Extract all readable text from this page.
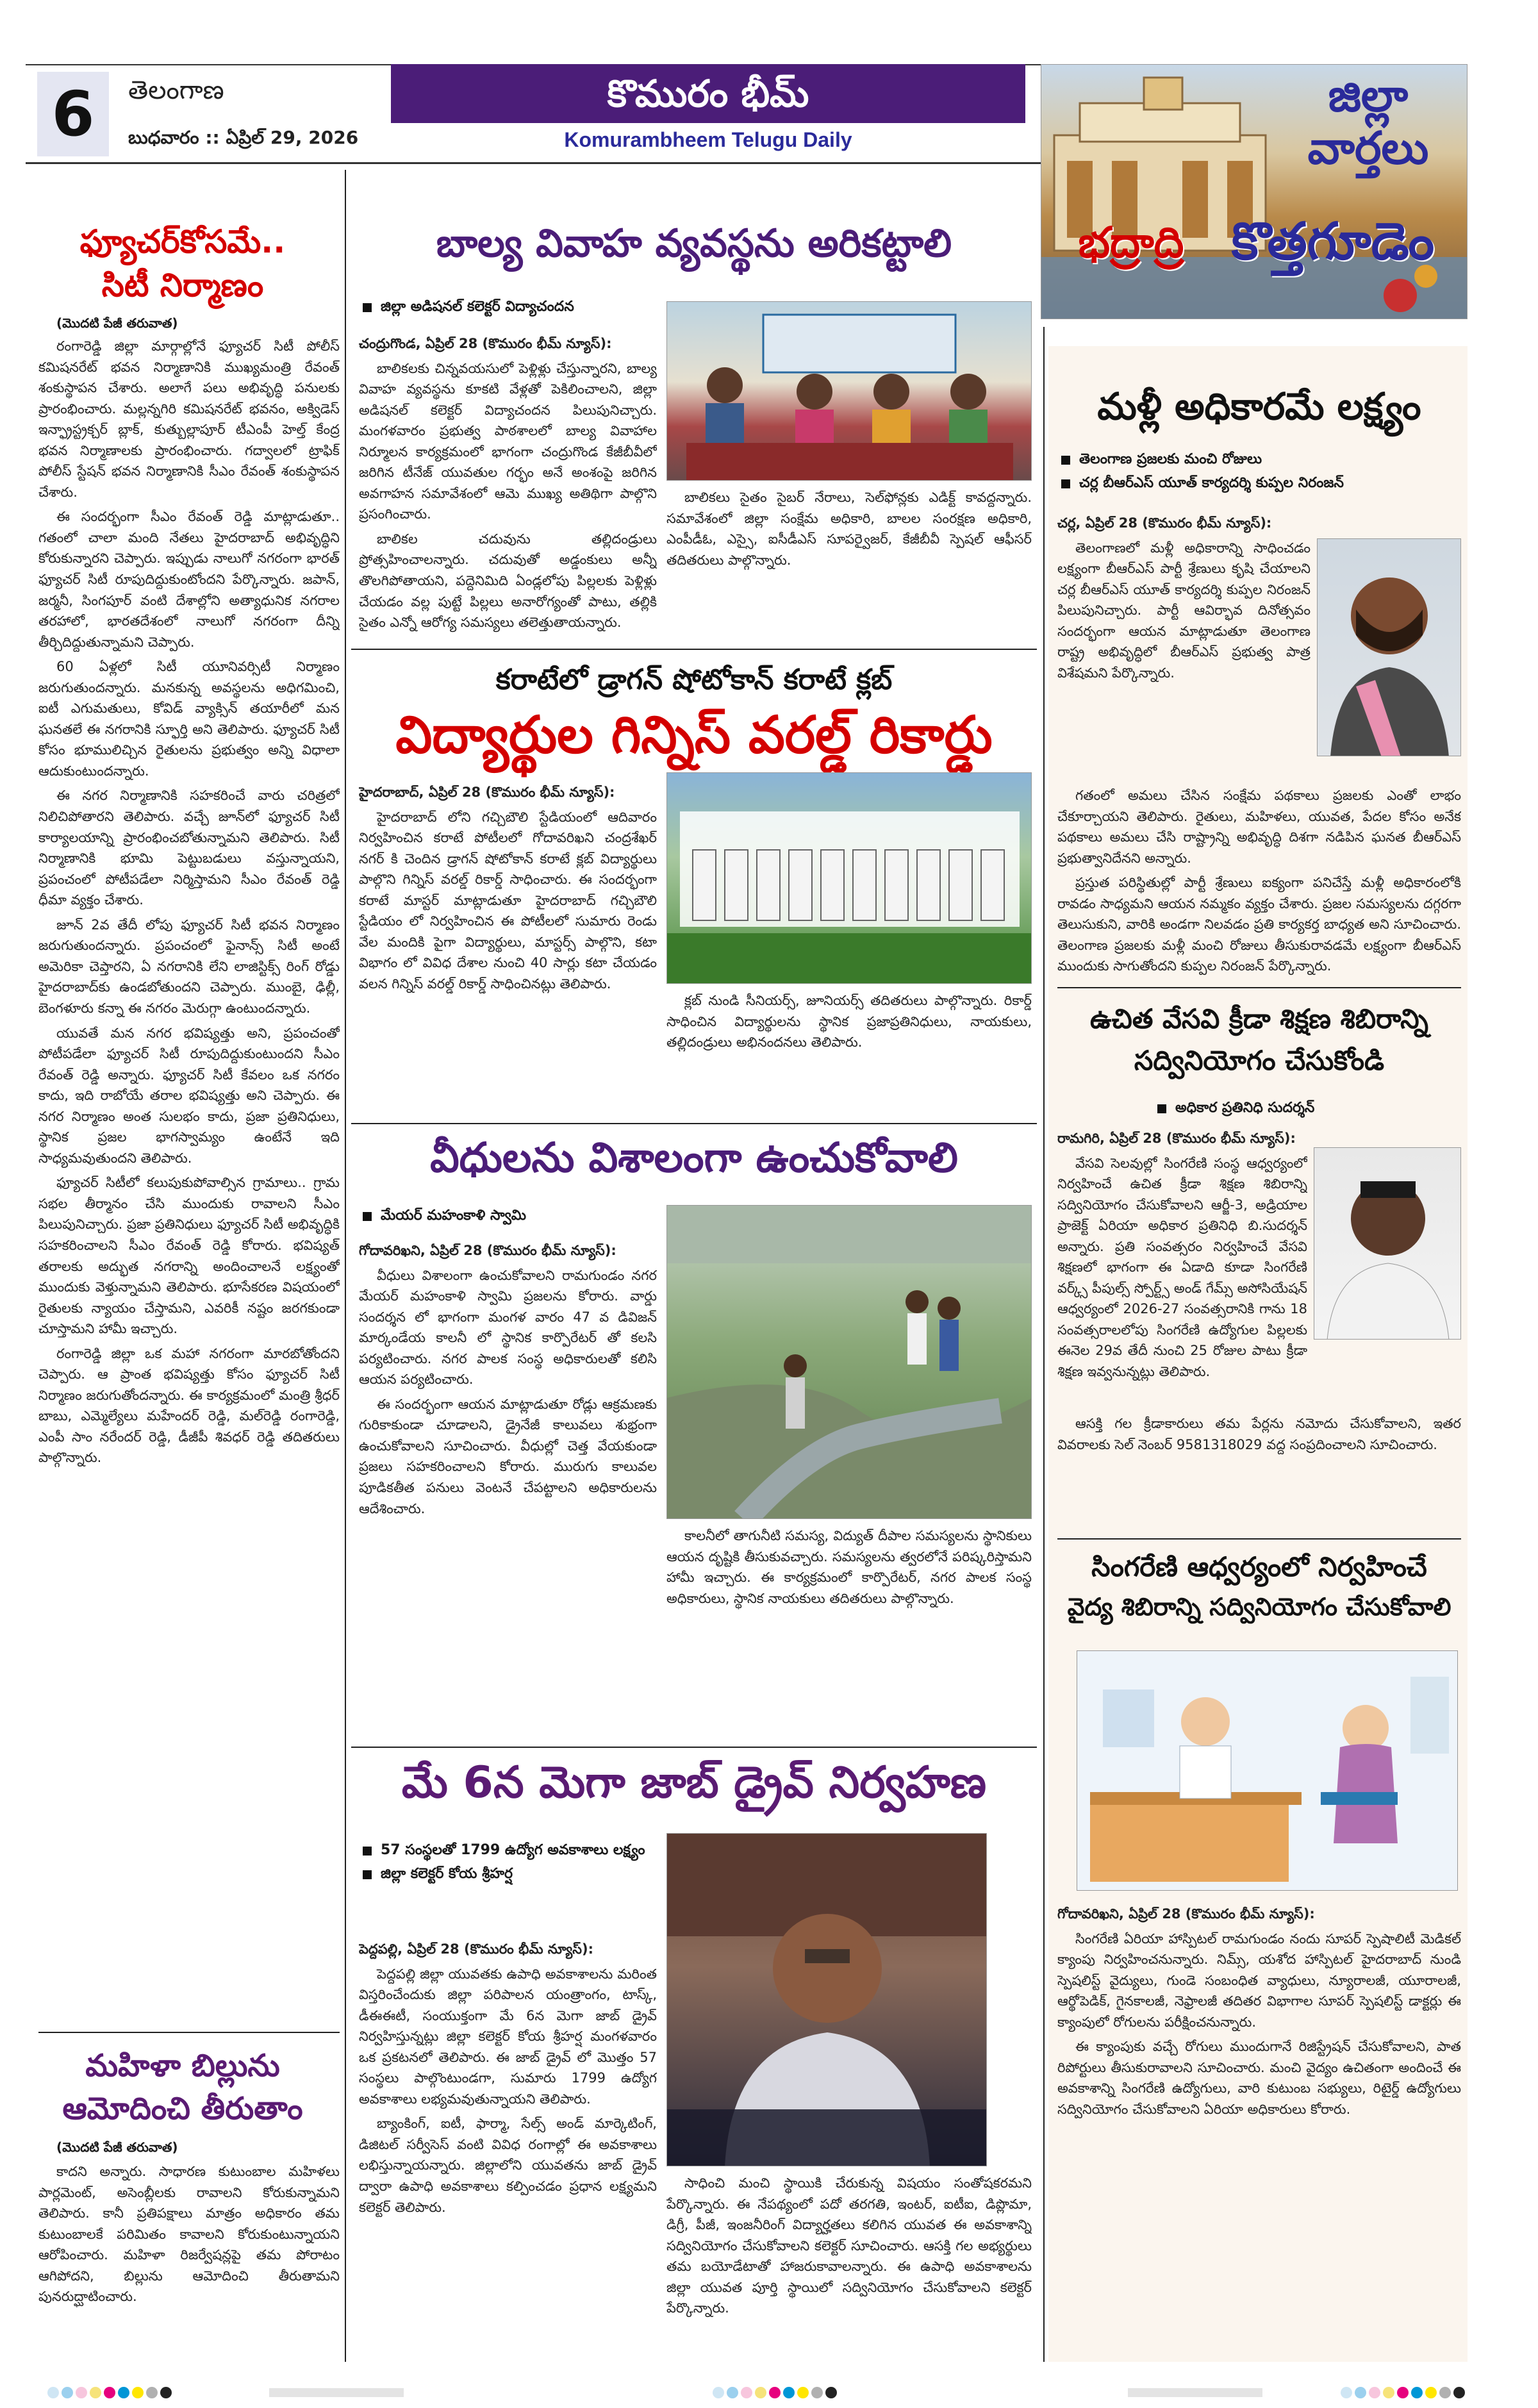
6	తెలంగాణ
బుధవారం :: ఏప్రిల్ 29, 2026
కొమురం భీమ్
Komurambheem Telugu Daily
జిల్లా
వార్తలు
భద్రాద్రి కొత్తగూడెం
ఫ్యూచర్‌కోసమే..
సిటీ నిర్మాణం
(మొదటి పేజీ తరువాత)

రంగారెడ్డి జిల్లా మార్గాల్లోనే ఫ్యూచర్ సిటీ పోలీస్ కమిషనరేట్ భవన నిర్మాణానికి ముఖ్యమంత్రి రేవంత్ శంకుస్థాపన చేశారు. అలాగే పలు అభివృద్ధి పనులకు ప్రారంభించారు. మల్లన్నగిరి కమిషనరేట్ భవనం, అక్విడెస్ ఇన్ఫ్రాస్ట్రక్చర్ బ్లాక్, కుత్బుల్లాపూర్ టీఎంపీ హెల్త్ కేంద్ర భవన నిర్మాణాలకు ప్రారంభించారు. గద్వాలలో ట్రాఫిక్ పోలీస్ స్టేషన్ భవన నిర్మాణానికి సీఎం రేవంత్ శంకుస్థాపన చేశారు.

ఈ సందర్భంగా సీఎం రేవంత్ రెడ్డి మాట్లాడుతూ.. గతంలో చాలా మంది నేతలు హైదరాబాద్ అభివృద్ధిని కోరుకున్నారని చెప్పారు. ఇప్పుడు నాలుగో నగరంగా భారత్ ఫ్యూచర్ సిటీ రూపుదిద్దుకుంటోందని పేర్కొన్నారు. జపాన్, జర్మనీ, సింగపూర్ వంటి దేశాల్లోని అత్యాధునిక నగరాల తరహాలో, భారతదేశంలో నాలుగో నగరంగా దీన్ని తీర్చిదిద్దుతున్నామని చెప్పారు.

60 ఏళ్లలో సిటీ యూనివర్సిటీ నిర్మాణం జరుగుతుందన్నారు. మనకున్న అవస్థలను అధిగమించి, ఐటీ ఎగుమతులు, కోవిడ్ వ్యాక్సిన్ తయారీలో మన ఘనతలే ఈ నగరానికి స్ఫూర్తి అని తెలిపారు. ఫ్యూచర్ సిటీ కోసం భూములిచ్చిన రైతులను ప్రభుత్వం అన్ని విధాలా ఆదుకుంటుందన్నారు.

ఈ నగర నిర్మాణానికి సహకరించే వారు చరిత్రలో నిలిచిపోతారని తెలిపారు. వచ్చే జూన్‌లో ఫ్యూచర్ సిటీ కార్యాలయాన్ని ప్రారంభించబోతున్నామని తెలిపారు. సిటీ నిర్మాణానికి భూమి పెట్టుబడులు వస్తున్నాయని, ప్రపంచంలో పోటీపడేలా నిర్మిస్తామని సీఎం రేవంత్ రెడ్డి ధీమా వ్యక్తం చేశారు.

జూన్ 2వ తేదీ లోపు ఫ్యూచర్ సిటీ భవన నిర్మాణం జరుగుతుందన్నారు. ప్రపంచంలో ఫైనాన్స్ సిటీ అంటే అమెరికా చెప్తారని, ఏ నగరానికి లేని లాజిస్టిక్స్ రింగ్ రోడ్డు హైదరాబాద్‌కు ఉండబోతుందని చెప్పారు. ముంబై, ఢిల్లీ, బెంగళూరు కన్నా ఈ నగరం మెరుగ్గా ఉంటుందన్నారు.

యువతే మన నగర భవిష్యత్తు అని, ప్రపంచంతో పోటీపడేలా ఫ్యూచర్ సిటీ రూపుదిద్దుకుంటుందని సీఎం రేవంత్ రెడ్డి అన్నారు. ఫ్యూచర్ సిటీ కేవలం ఒక నగరం కాదు, ఇది రాబోయే తరాల భవిష్యత్తు అని చెప్పారు. ఈ నగర నిర్మాణం అంత సులభం కాదు, ప్రజా ప్రతినిధులు, స్థానిక ప్రజల భాగస్వామ్యం ఉంటేనే ఇది సాధ్యమవుతుందని తెలిపారు.

ఫ్యూచర్ సిటీలో కలుపుకుపోవాల్సిన గ్రామాలు.. గ్రామ సభల తీర్మానం చేసి ముందుకు రావాలని సీఎం పిలుపునిచ్చారు. ప్రజా ప్రతినిధులు ఫ్యూచర్ సిటీ అభివృద్ధికి సహకరించాలని సీఎం రేవంత్ రెడ్డి కోరారు. భవిష్యత్ తరాలకు అద్భుత నగరాన్ని అందించాలనే లక్ష్యంతో ముందుకు వెళ్తున్నామని తెలిపారు. భూసేకరణ విషయంలో రైతులకు న్యాయం చేస్తామని, ఎవరికీ నష్టం జరగకుండా చూస్తామని హామీ ఇచ్చారు.

రంగారెడ్డి జిల్లా ఒక మహా నగరంగా మారబోతోందని చెప్పారు. ఆ ప్రాంత భవిష్యత్తు కోసం ఫ్యూచర్ సిటీ నిర్మాణం జరుగుతోందన్నారు. ఈ కార్యక్రమంలో మంత్రి శ్రీధర్ బాబు, ఎమ్మెల్యేలు మహేందర్ రెడ్డి, మల్‌రెడ్డి రంగారెడ్డి, ఎంపీ సాం నరేందర్ రెడ్డి, డీజీపీ శివధర్ రెడ్డి తదితరులు పాల్గొన్నారు.

మహిళా బిల్లును
ఆమోదించి తీరుతాం
(మొదటి పేజీ తరువాత)

కాదని అన్నారు. సాధారణ కుటుంబాల మహిళలు పార్లమెంట్, అసెంబ్లీలకు రావాలని కోరుకున్నామని తెలిపారు. కానీ ప్రతిపక్షాలు మాత్రం అధికారం తమ కుటుంబాలకే పరిమితం కావాలని కోరుకుంటున్నాయని ఆరోపించారు. మహిళా రిజర్వేషన్లపై తమ పోరాటం ఆగిపోదని, బిల్లును ఆమోదించి తీరుతామని పునరుద్ఘాటించారు.

బాల్య వివాహ వ్యవస్థను అరికట్టాలి
జిల్లా అడిషనల్ కలెక్టర్ విద్యాచందన

చంద్రుగొండ, ఏప్రిల్ 28 (కొమురం భీమ్ న్యూస్):

బాలికలకు చిన్నవయసులో పెళ్లిళ్లు చేస్తున్నారని, బాల్య వివాహ వ్యవస్థను కూకటి వేళ్లతో పెకిలించాలని, జిల్లా అడిషనల్ కలెక్టర్ విద్యాచందన పిలుపునిచ్చారు. మంగళవారం ప్రభుత్వ పాఠశాలలో బాల్య వివాహాల నిర్మూలన కార్యక్రమంలో భాగంగా చంద్రుగొండ కేజీబీవీలో జరిగిన టీనేజ్ యువతుల గర్భం అనే అంశంపై జరిగిన అవగాహన సమావేశంలో ఆమె ముఖ్య అతిథిగా పాల్గొని ప్రసంగించారు.

బాలికల చదువును తల్లిదండ్రులు ప్రోత్సహించాలన్నారు. చదువుతో అడ్డంకులు అన్నీ తొలగిపోతాయని, పద్దెనిమిది ఏండ్లలోపు పిల్లలకు పెళ్లిళ్లు చేయడం వల్ల పుట్టే పిల్లలు అనారోగ్యంతో పాటు, తల్లికి సైతం ఎన్నో ఆరోగ్య సమస్యలు తలెత్తుతాయన్నారు.

బాలికలు సైతం సైబర్ నేరాలు, సెల్‌ఫోన్లకు ఎడిక్ట్ కావద్దన్నారు. సమావేశంలో జిల్లా సంక్షేమ అధికారి, బాలల సంరక్షణ అధికారి, ఎంపీడీఓ, ఎస్సై, ఐసీడీఎస్ సూపర్వైజర్, కేజీబీవీ స్పెషల్ ఆఫీసర్ తదితరులు పాల్గొన్నారు.

కరాటేలో డ్రాగన్ షోటోకాన్ కరాటే క్లబ్
విద్యార్థుల గిన్నిస్ వరల్డ్ రికార్డు

హైదరాబాద్, ఏప్రిల్ 28 (కొమురం భీమ్ న్యూస్):

హైదరాబాద్ లోని గచ్చిబౌలి స్టేడియంలో ఆదివారం నిర్వహించిన కరాటే పోటీలలో గోదావరిఖని చంద్రశేఖర్ నగర్ కి చెందిన డ్రాగన్ షోటోకాన్ కరాటే క్లబ్ విద్యార్థులు పాల్గొని గిన్నిస్ వరల్డ్ రికార్డ్ సాధించారు. ఈ సందర్భంగా కరాటే మాస్టర్ మాట్లాడుతూ హైదరాబాద్ గచ్చిబౌలి స్టేడియం లో నిర్వహించిన ఈ పోటీలలో సుమారు రెండు వేల మందికి పైగా విద్యార్థులు, మాస్టర్స్ పాల్గొని, కటా విభాగం లో వివిధ దేశాల నుంచి 40 సార్లు కటా చేయడం వలన గిన్నిస్ వరల్డ్ రికార్డ్ సాధించినట్లు తెలిపారు.

క్లబ్ నుండి సీనియర్స్, జూనియర్స్ తదితరులు పాల్గొన్నారు. రికార్డ్ సాధించిన విద్యార్థులను స్థానిక ప్రజాప్రతినిధులు, నాయకులు, తల్లిదండ్రులు అభినందనలు తెలిపారు.

వీధులను విశాలంగా ఉంచుకోవాలి
మేయర్ మహంకాళి స్వామి

గోదావరిఖని, ఏప్రిల్ 28 (కొమురం భీమ్ న్యూస్):

వీధులు విశాలంగా ఉంచుకోవాలని రామగుండం నగర మేయర్ మహంకాళి స్వామి ప్రజలను కోరారు. వార్డు సందర్శన లో భాగంగా మంగళ వారం 47 వ డివిజన్ మార్కండేయ కాలనీ లో స్థానిక కార్పొరేటర్ తో కలసి పర్యటించారు. నగర పాలక సంస్థ అధికారులతో కలిసి ఆయన పర్యటించారు.

ఈ సందర్భంగా ఆయన మాట్లాడుతూ రోడ్లు ఆక్రమణకు గురికాకుండా చూడాలని, డ్రైనేజీ కాలువలు శుభ్రంగా ఉంచుకోవాలని సూచించారు. వీధుల్లో చెత్త వేయకుండా ప్రజలు సహకరించాలని కోరారు. మురుగు కాలువల పూడికతీత పనులు వెంటనే చేపట్టాలని అధికారులను ఆదేశించారు.

కాలనీలో తాగునీటి సమస్య, విద్యుత్ దీపాల సమస్యలను స్థానికులు ఆయన దృష్టికి తీసుకువచ్చారు. సమస్యలను త్వరలోనే పరిష్కరిస్తామని హామీ ఇచ్చారు. ఈ కార్యక్రమంలో కార్పొరేటర్, నగర పాలక సంస్థ అధికారులు, స్థానిక నాయకులు తదితరులు పాల్గొన్నారు.

మే 6న మెగా జాబ్ డ్రైవ్ నిర్వహణ
57 సంస్థలతో 1799 ఉద్యోగ అవకాశాలు లక్ష్యం
జిల్లా కలెక్టర్ కోయ శ్రీహర్ష

పెద్దపల్లి, ఏప్రిల్ 28 (కొమురం భీమ్ న్యూస్):

పెద్దపల్లి జిల్లా యువతకు ఉపాధి అవకాశాలను మరింత విస్తరించేందుకు జిల్లా పరిపాలన యంత్రాంగం, టాస్క్, డీఈఈటీ, సంయుక్తంగా మే 6న మెగా జాబ్ డ్రైవ్ నిర్వహిస్తున్నట్లు జిల్లా కలెక్టర్ కోయ శ్రీహర్ష మంగళవారం ఒక ప్రకటనలో తెలిపారు. ఈ జాబ్ డ్రైవ్ లో మొత్తం 57 సంస్థలు పాల్గొంటుండగా, సుమారు 1799 ఉద్యోగ అవకాశాలు లభ్యమవుతున్నాయని తెలిపారు.

బ్యాంకింగ్, ఐటీ, ఫార్మా, సేల్స్ అండ్ మార్కెటింగ్, డిజిటల్ సర్వీసెస్ వంటి వివిధ రంగాల్లో ఈ అవకాశాలు లభిస్తున్నాయన్నారు. జిల్లాలోని యువతను జాబ్ డ్రైవ్ ద్వారా ఉపాధి అవకాశాలు కల్పించడం ప్రధాన లక్ష్యమని కలెక్టర్ తెలిపారు.

సాధించి మంచి స్థాయికి చేరుకున్న విషయం సంతోషకరమని పేర్కొన్నారు. ఈ నేపథ్యంలో పదో తరగతి, ఇంటర్, ఐటీఐ, డిప్లొమా, డిగ్రీ, పీజీ, ఇంజనీరింగ్ విద్యార్హతలు కలిగిన యువత ఈ అవకాశాన్ని సద్వినియోగం చేసుకోవాలని కలెక్టర్ సూచించారు. ఆసక్తి గల అభ్యర్థులు తమ బయోడేటాతో హాజరుకావాలన్నారు. ఈ ఉపాధి అవకాశాలను జిల్లా యువత పూర్తి స్థాయిలో సద్వినియోగం చేసుకోవాలని కలెక్టర్ పేర్కొన్నారు.

మళ్లీ అధికారమే లక్ష్యం
తెలంగాణ ప్రజలకు మంచి రోజులు
చర్ల బీఆర్ఎస్ యూత్ కార్యదర్శి కుప్పల నిరంజన్

చర్ల, ఏప్రిల్ 28 (కొమురం భీమ్ న్యూస్):

తెలంగాణలో మళ్లీ అధికారాన్ని సాధించడం లక్ష్యంగా బీఆర్ఎస్ పార్టీ శ్రేణులు కృషి చేయాలని చర్ల బీఆర్ఎస్ యూత్ కార్యదర్శి కుప్పల నిరంజన్ పిలుపునిచ్చారు. పార్టీ ఆవిర్భావ దినోత్సవం సందర్భంగా ఆయన మాట్లాడుతూ తెలంగాణ రాష్ట్ర అభివృద్ధిలో బీఆర్ఎస్ ప్రభుత్వ పాత్ర విశేషమని పేర్కొన్నారు.

గతంలో అమలు చేసిన సంక్షేమ పథకాలు ప్రజలకు ఎంతో లాభం చేకూర్చాయని తెలిపారు. రైతులు, మహిళలు, యువత, పేదల కోసం అనేక పథకాలు అమలు చేసి రాష్ట్రాన్ని అభివృద్ధి దిశగా నడిపిన ఘనత బీఆర్ఎస్ ప్రభుత్వానిదేనని అన్నారు.

ప్రస్తుత పరిస్థితుల్లో పార్టీ శ్రేణులు ఐక్యంగా పనిచేస్తే మళ్లీ అధికారంలోకి రావడం సాధ్యమని ఆయన నమ్మకం వ్యక్తం చేశారు. ప్రజల సమస్యలను దగ్గరగా తెలుసుకుని, వారికి అండగా నిలవడం ప్రతి కార్యకర్త బాధ్యత అని సూచించారు. తెలంగాణ ప్రజలకు మళ్లీ మంచి రోజులు తీసుకురావడమే లక్ష్యంగా బీఆర్ఎస్ ముందుకు సాగుతోందని కుప్పల నిరంజన్ పేర్కొన్నారు.

ఉచిత వేసవి క్రీడా శిక్షణ శిబిరాన్ని
సద్వినియోగం చేసుకోండి
అధికార ప్రతినిధి సుదర్శన్

రామగిరి, ఏప్రిల్ 28 (కొమురం భీమ్ న్యూస్):

వేసవి సెలవుల్లో సింగరేణి సంస్థ ఆధ్వర్యంలో నిర్వహించే ఉచిత క్రీడా శిక్షణ శిబిరాన్ని సద్వినియోగం చేసుకోవాలని ఆర్జీ-3, అడ్రియాల ప్రాజెక్ట్ ఏరియా అధికార ప్రతినిధి బి.సుదర్శన్ అన్నారు. ప్రతి సంవత్సరం నిర్వహించే వేసవి శిక్షణలో భాగంగా ఈ ఏడాది కూడా సింగరేణి వర్క్స్ పీపుల్స్ స్పోర్ట్స్ అండ్ గేమ్స్ అసోసియేషన్ ఆధ్వర్యంలో 2026-27 సంవత్సరానికి గాను 18 సంవత్సరాలలోపు సింగరేణి ఉద్యోగుల పిల్లలకు ఈనెల 29వ తేదీ నుంచి 25 రోజుల పాటు క్రీడా శిక్షణ ఇవ్వనున్నట్లు తెలిపారు.

ఆసక్తి గల క్రీడాకారులు తమ పేర్లను నమోదు చేసుకోవాలని, ఇతర వివరాలకు సెల్ నెంబర్ 9581318029 వద్ద సంప్రదించాలని సూచించారు.

సింగరేణి ఆధ్వర్యంలో నిర్వహించే
వైద్య శిబిరాన్ని సద్వినియోగం చేసుకోవాలి

గోదావరిఖని, ఏప్రిల్ 28 (కొమురం భీమ్ న్యూస్):

సింగరేణి ఏరియా హాస్పిటల్ రామగుండం నందు సూపర్ స్పెషాలిటీ మెడికల్ క్యాంపు నిర్వహించనున్నారు. నిమ్స్, యశోద హాస్పిటల్ హైదరాబాద్ నుండి స్పెషలిస్ట్ వైద్యులు, గుండె సంబంధిత వ్యాధులు, న్యూరాలజీ, యూరాలజీ, ఆర్థోపెడిక్, గైనకాలజీ, నెఫ్రాలజీ తదితర విభాగాల సూపర్ స్పెషలిస్ట్ డాక్టర్లు ఈ క్యాంపులో రోగులను పరీక్షించనున్నారు.

ఈ క్యాంపుకు వచ్చే రోగులు ముందుగానే రిజిస్ట్రేషన్ చేసుకోవాలని, పాత రిపోర్టులు తీసుకురావాలని సూచించారు. మంచి వైద్యం ఉచితంగా అందించే ఈ అవకాశాన్ని సింగరేణి ఉద్యోగులు, వారి కుటుంబ సభ్యులు, రిటైర్డ్ ఉద్యోగులు సద్వినియోగం చేసుకోవాలని ఏరియా అధికారులు కోరారు.
